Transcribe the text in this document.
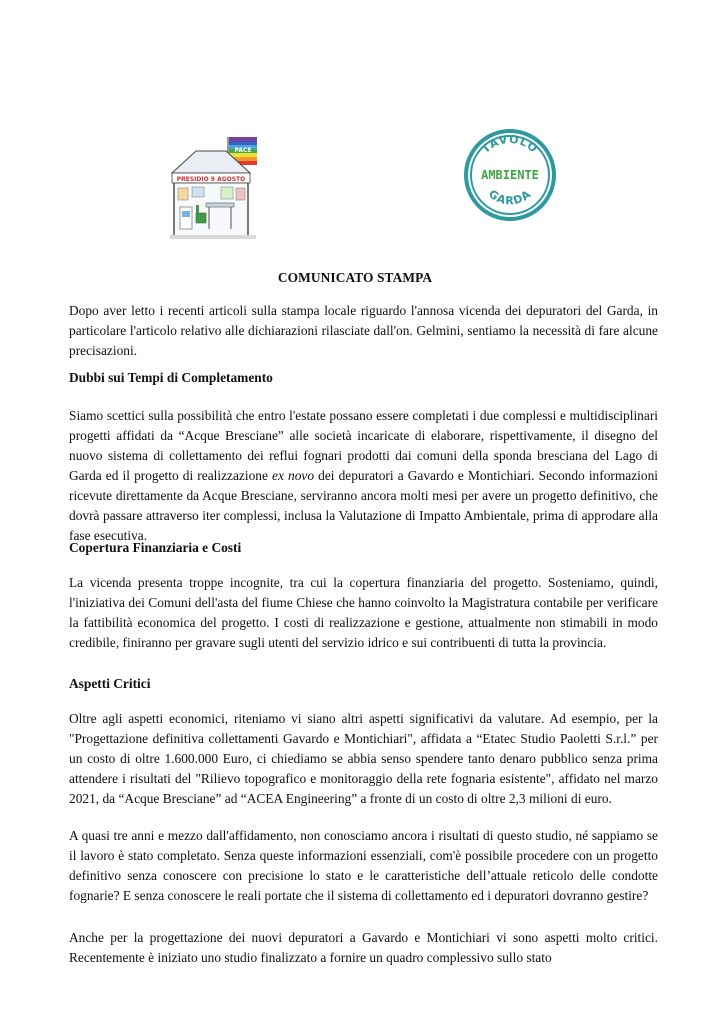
PACE
PRESIDIO 9 AGOSTO
TAVOLO
AMBIENTE
GARDA
COMUNICATO STAMPA

Dopo aver letto i recenti articoli sulla stampa locale riguardo l'annosa vicenda dei depuratori del Garda, in particolare l'articolo relativo alle dichiarazioni rilasciate dall'on. Gelmini, sentiamo la necessità di fare alcune precisazioni.

Dubbi sui Tempi di Completamento

Siamo scettici sulla possibilità che entro l'estate possano essere completati i due complessi e multidisciplinari progetti affidati da “Acque Bresciane” alle società incaricate di elaborare, rispettivamente, il disegno del nuovo sistema di collettamento dei reflui fognari prodotti dai comuni della sponda bresciana del Lago di Garda ed il progetto di realizzazione ex novo dei depuratori a Gavardo e Montichiari. Secondo informazioni ricevute direttamente da Acque Bresciane, serviranno ancora molti mesi per avere un progetto definitivo, che dovrà passare attraverso iter complessi, inclusa la Valutazione di Impatto Ambientale, prima di approdare alla fase esecutiva.

Copertura Finanziaria e Costi

La vicenda presenta troppe incognite, tra cui la copertura finanziaria del progetto. Sosteniamo, quindi, l'iniziativa dei Comuni dell'asta del fiume Chiese che hanno coinvolto la Magistratura contabile per verificare la fattibilità economica del progetto. I costi di realizzazione e gestione, attualmente non stimabili in modo credibile, finiranno per gravare sugli utenti del servizio idrico e sui contribuenti di tutta la provincia.

Aspetti Critici

Oltre agli aspetti economici, riteniamo vi siano altri aspetti significativi da valutare. Ad esempio, per la "Progettazione definitiva collettamenti Gavardo e Montichiari", affidata a “Etatec Studio Paoletti S.r.l.” per un costo di oltre 1.600.000 Euro, ci chiediamo se abbia senso spendere tanto denaro pubblico senza prima attendere i risultati del "Rilievo topografico e monitoraggio della rete fognaria esistente", affidato nel marzo 2021, da “Acque Bresciane” ad “ACEA Engineering” a fronte di un costo di oltre 2,3 milioni di euro.

A quasi tre anni e mezzo dall'affidamento, non conosciamo ancora i risultati di questo studio, né sappiamo se il lavoro è stato completato. Senza queste informazioni essenziali, com'è possibile procedere con un progetto definitivo senza conoscere con precisione lo stato e le caratteristiche dell’attuale reticolo delle condotte fognarie? E senza conoscere le reali portate che il sistema di collettamento ed i depuratori dovranno gestire?

Anche per la progettazione dei nuovi depuratori a Gavardo e Montichiari vi sono aspetti molto critici. Recentemente è iniziato uno studio finalizzato a fornire un quadro complessivo sullo stato
